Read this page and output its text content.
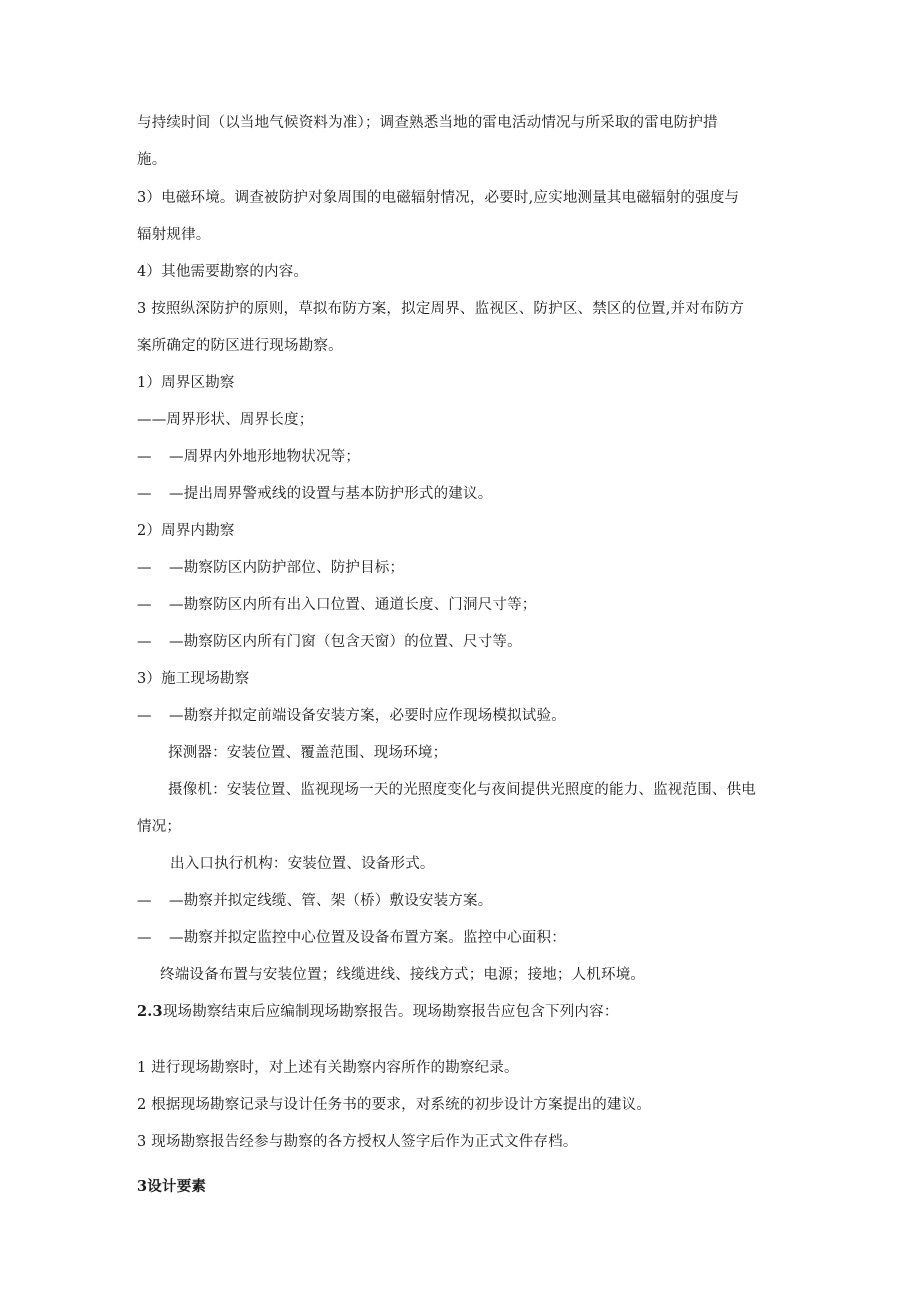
与持续时间（以当地气候资料为准）；调查熟悉当地的雷电活动情况与所采取的雷电防护措
施。
3）电磁环境。调查被防护对象周围的电磁辐射情况，必要时,应实地测量其电磁辐射的强度与
辐射规律。
4）其他需要勘察的内容。
3 按照纵深防护的原则，草拟布防方案，拟定周界、监视区、防护区、禁区的位置,并对布防方
案所确定的防区进行现场勘察。
1）周界区勘察
——周界形状、周界长度；
— —周界内外地形地物状况等；
— —提出周界警戒线的设置与基本防护形式的建议。
2）周界内勘察
— —勘察防区内防护部位、防护目标；
— —勘察防区内所有出入口位置、通道长度、门洞尺寸等；
— —勘察防区内所有门窗（包含天窗）的位置、尺寸等。
3）施工现场勘察
— —勘察并拟定前端设备安装方案，必要时应作现场模拟试验。
探测器：安装位置、覆盖范围、现场环境；
摄像机：安装位置、监视现场一天的光照度变化与夜间提供光照度的能力、监视范围、供电
情况；
出入口执行机构：安装位置、设备形式。
— —勘察并拟定线缆、管、架（桥）敷设安装方案。
— —勘察并拟定监控中心位置及设备布置方案。监控中心面积：
终端设备布置与安装位置；线缆进线、接线方式；电源；接地；人机环境。
2.3现场勘察结束后应编制现场勘察报告。现场勘察报告应包含下列内容：
1 进行现场勘察时，对上述有关勘察内容所作的勘察纪录。
2 根据现场勘察记录与设计任务书的要求，对系统的初步设计方案提出的建议。
3 现场勘察报告经参与勘察的各方授权人签字后作为正式文件存档。
3设计要素
